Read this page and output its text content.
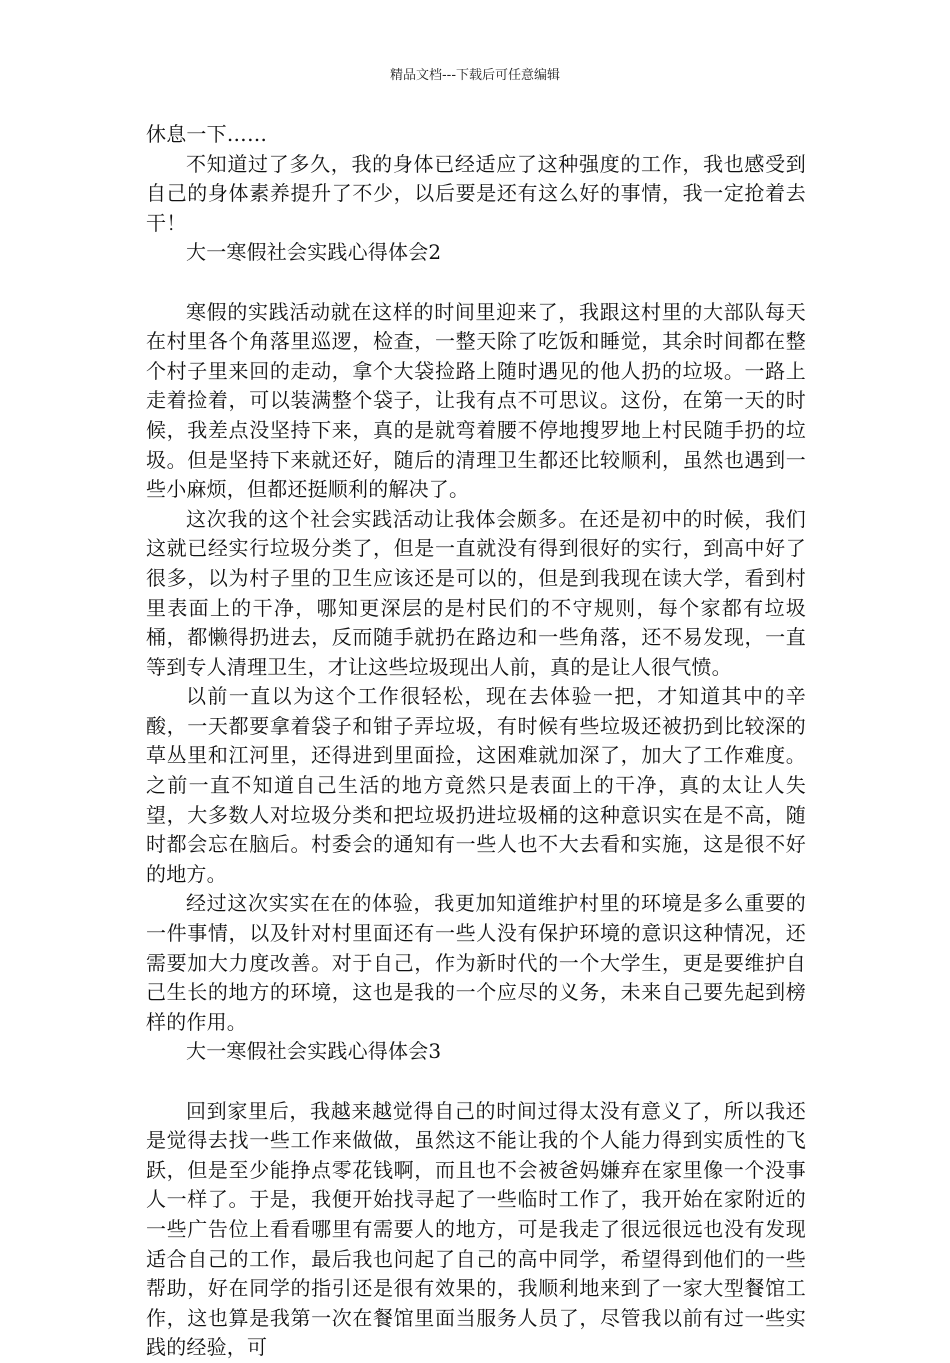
精品文档---下载后可任意编辑

休息一下……

不知道过了多久，我的身体已经适应了这种强度的工作，我也感受到自己的身体素养提升了不少，以后要是还有这么好的事情，我一定抢着去干！

大一寒假社会实践心得体会2

寒假的实践活动就在这样的时间里迎来了，我跟这村里的大部队每天在村里各个角落里巡逻，检查，一整天除了吃饭和睡觉，其余时间都在整个村子里来回的走动，拿个大袋捡路上随时遇见的他人扔的垃圾。一路上走着捡着，可以装满整个袋子，让我有点不可思议。这份，在第一天的时候，我差点没坚持下来，真的是就弯着腰不停地搜罗地上村民随手扔的垃圾。但是坚持下来就还好，随后的清理卫生都还比较顺利，虽然也遇到一些小麻烦，但都还挺顺利的解决了。

这次我的这个社会实践活动让我体会颇多。在还是初中的时候，我们这就已经实行垃圾分类了，但是一直就没有得到很好的实行，到高中好了很多，以为村子里的卫生应该还是可以的，但是到我现在读大学，看到村里表面上的干净，哪知更深层的是村民们的不守规则，每个家都有垃圾桶，都懒得扔进去，反而随手就扔在路边和一些角落，还不易发现，一直等到专人清理卫生，才让这些垃圾现出人前，真的是让人很气愤。

以前一直以为这个工作很轻松，现在去体验一把，才知道其中的辛酸，一天都要拿着袋子和钳子弄垃圾，有时候有些垃圾还被扔到比较深的草丛里和江河里，还得进到里面捡，这困难就加深了，加大了工作难度。之前一直不知道自己生活的地方竟然只是表面上的干净，真的太让人失望，大多数人对垃圾分类和把垃圾扔进垃圾桶的这种意识实在是不高，随时都会忘在脑后。村委会的通知有一些人也不大去看和实施，这是很不好的地方。

经过这次实实在在的体验，我更加知道维护村里的环境是多么重要的一件事情，以及针对村里面还有一些人没有保护环境的意识这种情况，还需要加大力度改善。对于自己，作为新时代的一个大学生，更是要维护自己生长的地方的环境，这也是我的一个应尽的义务，未来自己要先起到榜样的作用。

大一寒假社会实践心得体会3

回到家里后，我越来越觉得自己的时间过得太没有意义了，所以我还是觉得去找一些工作来做做，虽然这不能让我的个人能力得到实质性的飞跃，但是至少能挣点零花钱啊，而且也不会被爸妈嫌弃在家里像一个没事人一样了。于是，我便开始找寻起了一些临时工作了，我开始在家附近的一些广告位上看看哪里有需要人的地方，可是我走了很远很远也没有发现适合自己的工作，最后我也问起了自己的高中同学，希望得到他们的一些帮助，好在同学的指引还是很有效果的，我顺利地来到了一家大型餐馆工作，这也算是我第一次在餐馆里面当服务人员了，尽管我以前有过一些实践的经验，可
